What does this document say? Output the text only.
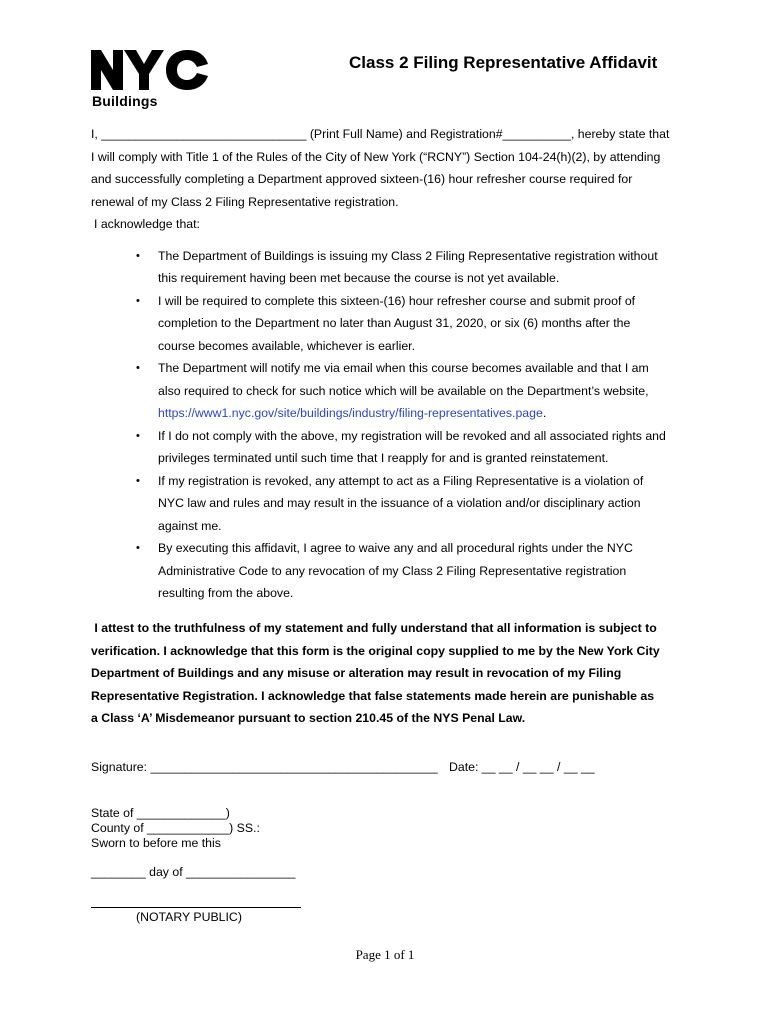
Buildings
Class 2 Filing Representative Affidavit

I, ______________________________ (Print Full Name) and Registration#__________, hereby state that

I will comply with Title 1 of the Rules of the City of New York (“RCNY”) Section 104-24(h)(2), by attending

and successfully completing a Department approved sixteen-(16) hour refresher course required for

renewal of my Class 2 Filing Representative registration.

I acknowledge that:

• The Department of Buildings is issuing my Class 2 Filing Representative registration without
this requirement having been met because the course is not yet available.
• I will be required to complete this sixteen-(16) hour refresher course and submit proof of
completion to the Department no later than August 31, 2020, or six (6) months after the
course becomes available, whichever is earlier.
• The Department will notify me via email when this course becomes available and that I am
also required to check for such notice which will be available on the Department’s website,
https://www1.nyc.gov/site/buildings/industry/filing-representatives.page.
• If I do not comply with the above, my registration will be revoked and all associated rights and
privileges terminated until such time that I reapply for and is granted reinstatement.
• If my registration is revoked, any attempt to act as a Filing Representative is a violation of
NYC law and rules and may result in the issuance of a violation and/or disciplinary action
against me.
• By executing this affidavit, I agree to waive any and all procedural rights under the NYC
Administrative Code to any revocation of my Class 2 Filing Representative registration
resulting from the above.

I attest to the truthfulness of my statement and fully understand that all information is subject to

verification. I acknowledge that this form is the original copy supplied to me by the New York City

Department of Buildings and any misuse or alteration may result in revocation of my Filing

Representative Registration. I acknowledge that false statements made herein are punishable as

a Class ‘A’ Misdemeanor pursuant to section 210.45 of the NYS Penal Law.

Signature: __________________________________________ Date: __ __ / __ __ / __ __
State of _____________)
County of ____________) SS.:
Sworn to before me this
________ day of ________________
(NOTARY PUBLIC)
Page 1 of 1
